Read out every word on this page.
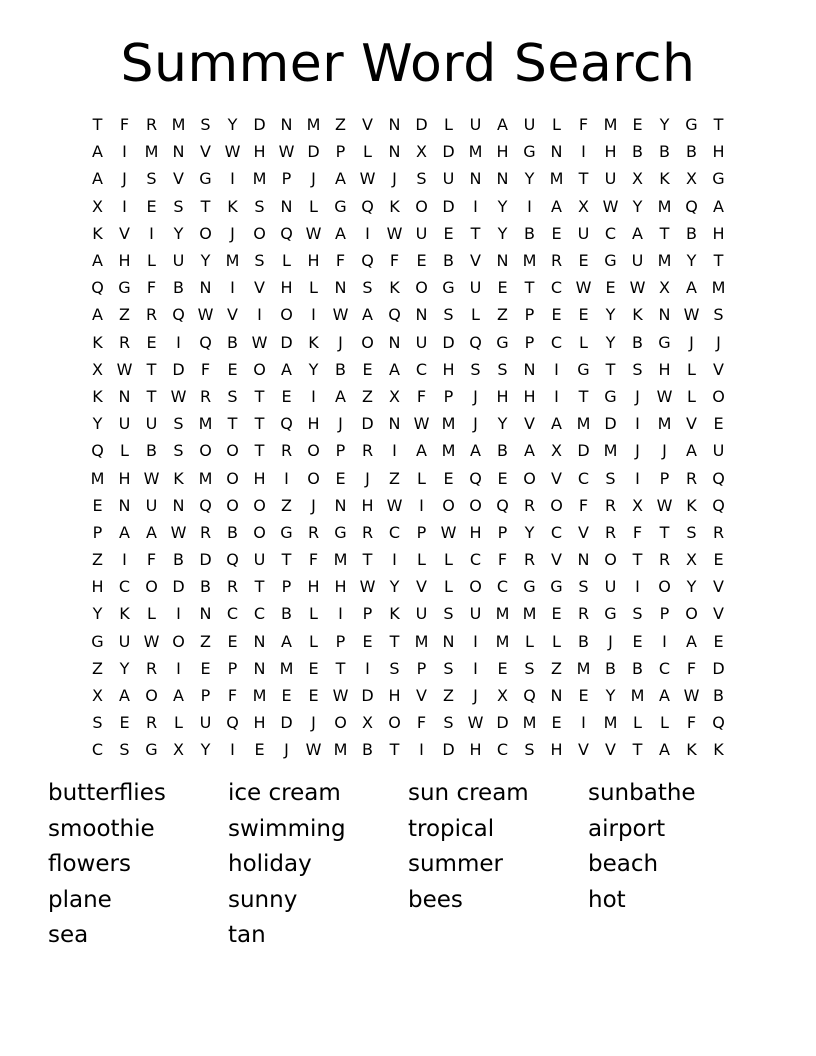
Summer Word Search
T	F	R M S	Y D N M Z	V N D	L	U A U	L	F M E	Y G T
A	I	M N V W H W D	P	L	N X D M H G N	I	H B	B	B H
A	J	S	V G	I	M P	J	A W	J	S	U N N	Y M T	U X	K	X G
X	I	E	S	T	K	S N	L	G Q K O D	I	Y	I	A	X W Y M Q A
K	V	I	Y O	J	O Q W A	I	W U	E	T	Y	B	E	U C A	T	B H
A H	L	U	Y M S	L	H	F	Q	F	E	B	V N M R	E G U M Y	T
Q G	F	B N	I	V H	L	N S	K O G U	E	T	C W E W X	A M
A	Z R Q W V	I	O	I	W A Q N S	L	Z	P	E	E	Y	K N W S
K	R	E	I	Q B W D K	J	O N U D Q G P	C	L	Y	B G	J	J
X W T D	F	E O A	Y	B	E	A C H S	S N	I	G T	S H	L	V
K N	T W R	S	T	E	I	A	Z	X	F	P	J	H H	I	T G	J	W L	O
Y	U U	S M T	T Q H	J	D N W M	J	Y	V	A M D	I	M V	E
Q	L	B	S O O T	R O P	R	I	A M A	B	A	X D M	J	J	A U
M H W K M O H	I	O E	J	Z	L	E Q E O V C	S	I	P	R Q
E N U N Q O O Z	J	N H W	I	O O Q R O	F	R X W K Q
P	A	A W R B O G R G R C	P W H	P	Y	C V R	F	T	S	R
Z	I	F	B D Q U	T	F M T	I	L	L	C	F	R V N O T	R X	E
H C O D B R	T	P	H H W Y	V	L	O C G G S	U	I	O Y	V
Y	K	L	I	N C C B	L	I	P	K U	S	U M M E	R G S	P O V
G U W O Z	E N A	L	P	E	T M N	I	M L	L	B	J	E	I	A	E
Z	Y	R	I	E	P	N M E	T	I	S	P	S	I	E	S	Z M B	B C	F	D
X	A O A	P	F M E	E W D H V	Z	J	X Q N E	Y M A W B
S	E	R	L	U Q H D	J	O X O	F	S W D M E	I	M L	L	F	Q
C	S G X	Y	I	E	J	W M B	T	I	D H C	S H V	V	T	A	K	K
butterflies	ice cream	sun cream	sunbathe
smoothie	swimming	tropical	airport
flowers	holiday	summer	beach
plane	sunny	bees	hot
sea	tan
